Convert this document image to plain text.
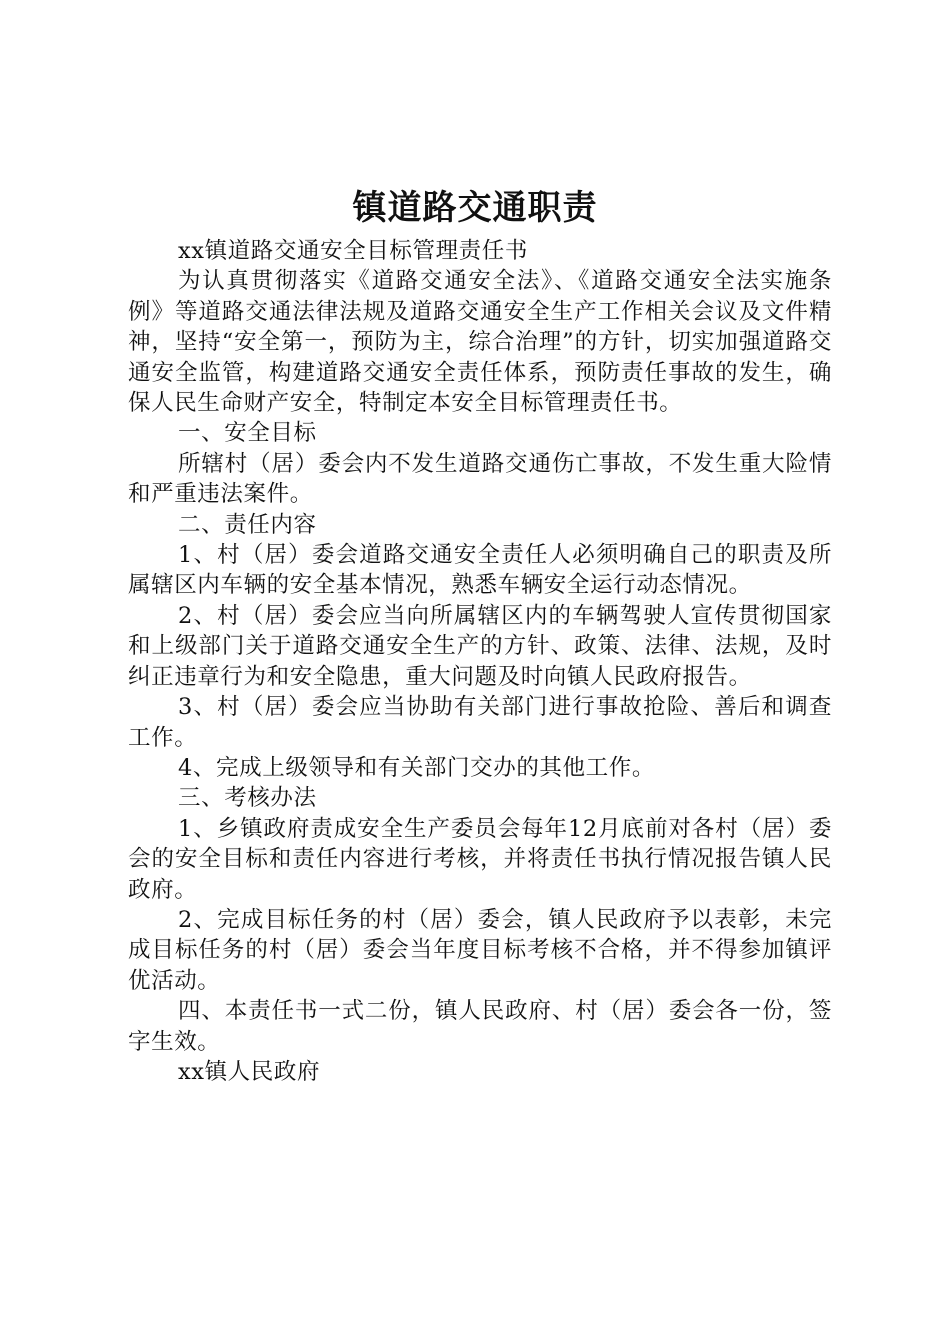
镇道路交通职责

xx镇道路交通安全目标管理责任书

为认真贯彻落实《道路交通安全法》、《道路交通安全法实施条例》等道路交通法律法规及道路交通安全生产工作相关会议及文件精神，坚持“安全第一，预防为主，综合治理”的方针，切实加强道路交通安全监管，构建道路交通安全责任体系，预防责任事故的发生，确保人民生命财产安全，特制定本安全目标管理责任书。

一、安全目标

所辖村（居）委会内不发生道路交通伤亡事故，不发生重大险情和严重违法案件。

二、责任内容

1、村（居）委会道路交通安全责任人必须明确自己的职责及所属辖区内车辆的安全基本情况，熟悉车辆安全运行动态情况。

2、村（居）委会应当向所属辖区内的车辆驾驶人宣传贯彻国家和上级部门关于道路交通安全生产的方针、政策、法律、法规，及时纠正违章行为和安全隐患，重大问题及时向镇人民政府报告。

3、村（居）委会应当协助有关部门进行事故抢险、善后和调查工作。

4、完成上级领导和有关部门交办的其他工作。

三、考核办法

1、乡镇政府责成安全生产委员会每年12月底前对各村（居）委会的安全目标和责任内容进行考核，并将责任书执行情况报告镇人民政府。

2、完成目标任务的村（居）委会，镇人民政府予以表彰，未完成目标任务的村（居）委会当年度目标考核不合格，并不得参加镇评优活动。

四、本责任书一式二份，镇人民政府、村（居）委会各一份，签字生效。

xx镇人民政府
